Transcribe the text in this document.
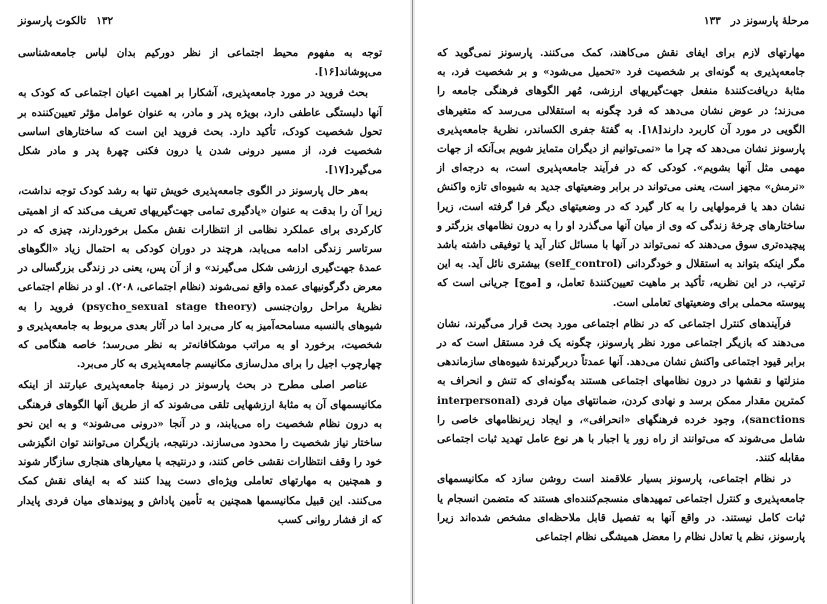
۱۳۲
تالکوت پارسونز

توجه به مفهوم محیط اجتماعی از نظر دورکیم بدان لباس جامعه‌شناسی می‌پوشاند[۱۶].

بحث فروید در مورد جامعه‌پذیری، آشکارا بر اهمیت اعیان اجتماعی که کودک به آنها دلبستگی عاطفی دارد، بویژه پدر و مادر، به عنوان عوامل مؤثر تعیین‌کننده بر تحول شخصیت کودک، تأکید دارد. بحث فروید این است که ساختارهای اساسی شخصیت فرد، از مسیر درونی شدن یا درون فکنی چهرهٔ پدر و مادر شکل می‌گیرد[۱۷].

به‌هر حال پارسونز در الگوی جامعه‌پذیری خویش تنها به رشد کودک توجه نداشت، زیرا آن را بدقت به عنوان «یادگیری تمامی جهت‌گیریهای تعریف می‌کند که از اهمیتی کارکردی برای عملکرد نظامی از انتظارات نقش مکمل برخوردارند، چیزی که در سرتاسر زندگی ادامه می‌یابد، هرچند در دوران کودکی به احتمال زیاد «الگوهای عمدهٔ جهت‌گیری ارزشی شکل می‌گیرند» و از آن پس، یعنی در زندگی بزرگسالی در معرض دگرگونیهای عمده واقع نمی‌شوند (نظام اجتماعی، ۲۰۸). او در نظام اجتماعی نظریهٔ مراحل روان‌جنسی (psycho_sexual stage theory) فروید را به شیوهای بالنسبه مسامحه‌آمیز به کار می‌برد اما در آثار بعدی مربوط به جامعه‌پذیری و شخصیت، برخورد او به مراتب موشکافانه‌تر به نظر می‌رسد؛ خاصه هنگامی که چهارچوب اجیل را برای مدل‌سازی مکانیسم جامعه‌پذیری به کار می‌برد.

عناصر اصلی مطرح در بحث پارسونز در زمینهٔ جامعه‌پذیری عبارتند از اینکه مکانیسمهای آن به مثابهٔ ارزشهایی تلقی می‌شوند که از طریق آنها الگوهای فرهنگی به درون نظام شخصیت راه می‌یابند، و در آنجا «درونی می‌شوند» و به این نحو ساختار نیاز شخصیت را محدود می‌سازند. درنتیجه، بازیگران می‌توانند توان انگیزشی خود را وقف انتظارات نقشی خاص کنند، و درنتیجه با معیارهای هنجاری سازگار شوند و همچنین به مهارتهای تعاملی ویژه‌ای دست پیدا کنند که به ایفای نقش کمک می‌کنند. این قبیل مکانیسمها همچنین به تأمین پاداش و پیوندهای میان فردی پایدار که از فشار روانی کسب

مرحلهٔ پارسونز در
۱۳۳

مهارتهای لازم برای ایفای نقش می‌کاهند، کمک می‌کنند. پارسونز نمی‌گوید که جامعه‌پذیری به گونه‌ای بر شخصیت فرد «تحمیل می‌شود» و بر شخصیت فرد، به مثابهٔ دریافت‌کنندهٔ منفعل جهت‌گیریهای ارزشی، مُهر الگوهای فرهنگی جامعه را می‌زند؛ در عوض نشان می‌دهد که فرد چگونه به استقلالی می‌رسد که متغیرهای الگویی در مورد آن کاربرد دارند[۱۸]. به گفتهٔ جفری الکساندر، نظریهٔ جامعه‌پذیری پارسونز نشان می‌دهد که چرا ما «نمی‌توانیم از دیگران متمایز شویم بی‌آنکه از جهات مهمی مثل آنها بشویم». کودکی که در فرآیند جامعه‌پذیری است، به درجه‌ای از «نرمش» مجهز است، یعنی می‌تواند در برابر وضعیتهای جدید به شیوه‌ای تازه واکنش نشان دهد یا فرمولهایی را به کار گیرد که در وضعیتهای دیگر فرا گرفته است، زیرا ساختارهای چرخهٔ زندگی که وی از میان آنها می‌گذرد او را به درون نظامهای بزرگتر و پیچیده‌تری سوق می‌دهند که نمی‌تواند در آنها با مسائل کنار آید یا توفیقی داشته باشد مگر اینکه بتواند به استقلال و خودگردانی (self_control) بیشتری نائل آید. به این ترتیب، در این نظریه، تأکید بر ماهیت تعیین‌کنندهٔ تعامل، و [موج] جریانی است که پیوسته محملی برای وضعیتهای تعاملی است.

فرآیندهای کنترل اجتماعی که در نظام اجتماعی مورد بحث قرار می‌گیرند، نشان می‌دهند که بازیگر اجتماعی مورد نظر پارسونز، چگونه یک فرد مستقل است که در برابر قیود اجتماعی واکنش نشان می‌دهد. آنها عمدتاً دربرگیرندهٔ شیوه‌های سازماندهی منزلتها و نقشها در درون نظامهای اجتماعی هستند به‌گونه‌ای که تنش و انحراف به کمترین مقدار ممکن برسد و نهادی کردن، ضمانتهای میان فردی (interpersonal sanctions)، وجود خرده فرهنگهای «انحرافی»، و ایجاد زیرنظامهای خاصی را شامل می‌شوند که می‌توانند از راه زور یا اجبار با هر نوع عامل تهدید ثبات اجتماعی مقابله کنند.

در نظام اجتماعی، پارسونز بسیار علاقمند است روشن سازد که مکانیسمهای جامعه‌پذیری و کنترل اجتماعی تمهیدهای منسجم‌کننده‌ای هستند که متضمن انسجام یا ثبات کامل نیستند. در واقع آنها به تفصیل قابل ملاحظه‌ای مشخص شده‌اند زیرا پارسونز، نظم یا تعادل نظام را معضل همیشگی نظام اجتماعی
